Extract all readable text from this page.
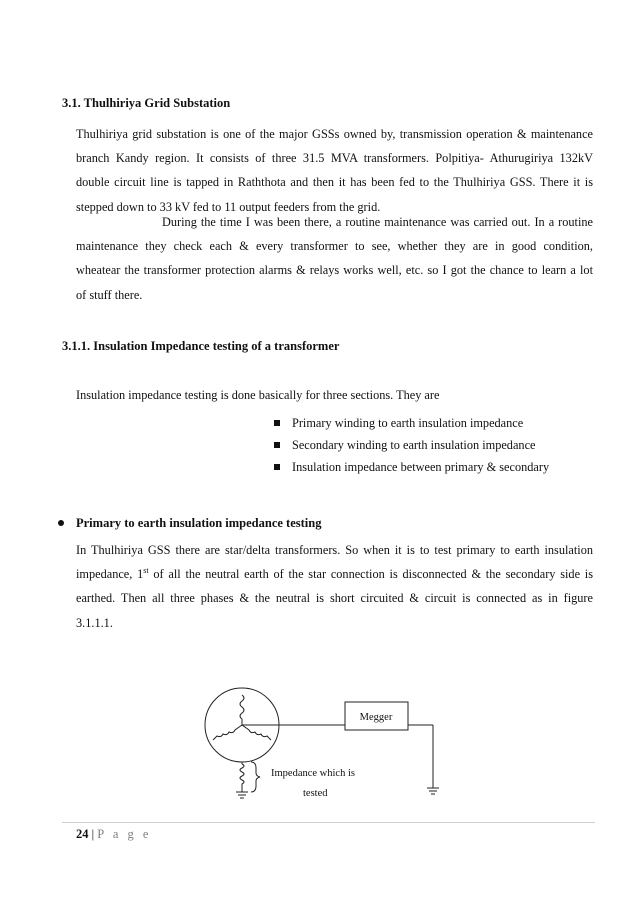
3.1. Thulhiriya Grid Substation
Thulhiriya grid substation is one of the major GSSs owned by, transmission operation & maintenance
branch Kandy region. It consists of three 31.5 MVA transformers. Polpitiya- Athurugiriya 132kV
double circuit line is tapped in Raththota and then it has been fed to the Thulhiriya GSS. There it is
stepped down to 33 kV fed to 11 output feeders from the grid.
During the time I was been there, a routine maintenance was carried out. In a routine
maintenance they check each & every transformer to see, whether they are in good condition,
wheatear the transformer protection alarms & relays works well, etc. so I got the chance to learn a lot
of stuff there.
3.1.1. Insulation Impedance testing of a transformer
Insulation impedance testing is done basically for three sections. They are
Primary winding to earth insulation impedance
Secondary winding to earth insulation impedance
Insulation impedance between primary & secondary
Primary to earth insulation impedance testing
In Thulhiriya GSS there are star/delta transformers. So when it is to test primary to earth insulation
impedance, 1st of all the neutral earth of the star connection is disconnected & the secondary side is
earthed. Then all three phases & the neutral is short circuited & circuit is connected as in figure
3.1.1.1.
Megger
Impedance which is
tested
24 | P a g e
